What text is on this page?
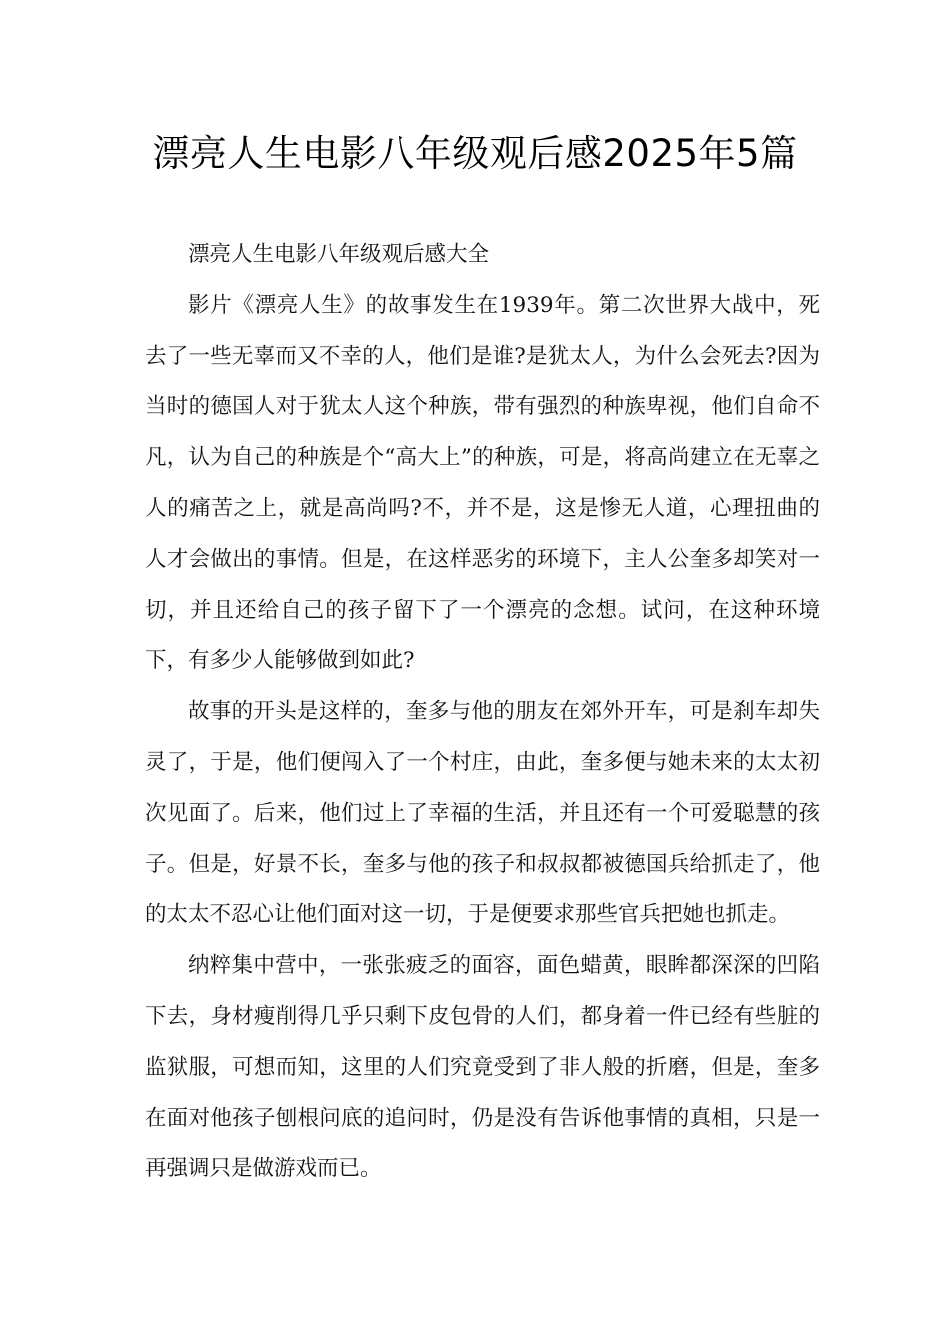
漂亮人生电影八年级观后感2025年5篇

漂亮人生电影八年级观后感大全

影片《漂亮人生》的故事发生在1939年。第二次世界大战中，死去了一些无辜而又不幸的人，他们是谁?是犹太人，为什么会死去?因为当时的德国人对于犹太人这个种族，带有强烈的种族卑视，他们自命不凡，认为自己的种族是个“高大上”的种族，可是，将高尚建立在无辜之人的痛苦之上，就是高尚吗?不，并不是，这是惨无人道，心理扭曲的人才会做出的事情。但是，在这样恶劣的环境下，主人公奎多却笑对一切，并且还给自己的孩子留下了一个漂亮的念想。试问，在这种环境下，有多少人能够做到如此?

故事的开头是这样的，奎多与他的朋友在郊外开车，可是刹车却失灵了，于是，他们便闯入了一个村庄，由此，奎多便与她未来的太太初次见面了。后来，他们过上了幸福的生活，并且还有一个可爱聪慧的孩子。但是，好景不长，奎多与他的孩子和叔叔都被德国兵给抓走了，他的太太不忍心让他们面对这一切，于是便要求那些官兵把她也抓走。

纳粹集中营中，一张张疲乏的面容，面色蜡黄，眼眸都深深的凹陷下去，身材瘦削得几乎只剩下皮包骨的人们，都身着一件已经有些脏的监狱服，可想而知，这里的人们究竟受到了非人般的折磨，但是，奎多在面对他孩子刨根问底的追问时，仍是没有告诉他事情的真相，只是一再强调只是做游戏而已。
